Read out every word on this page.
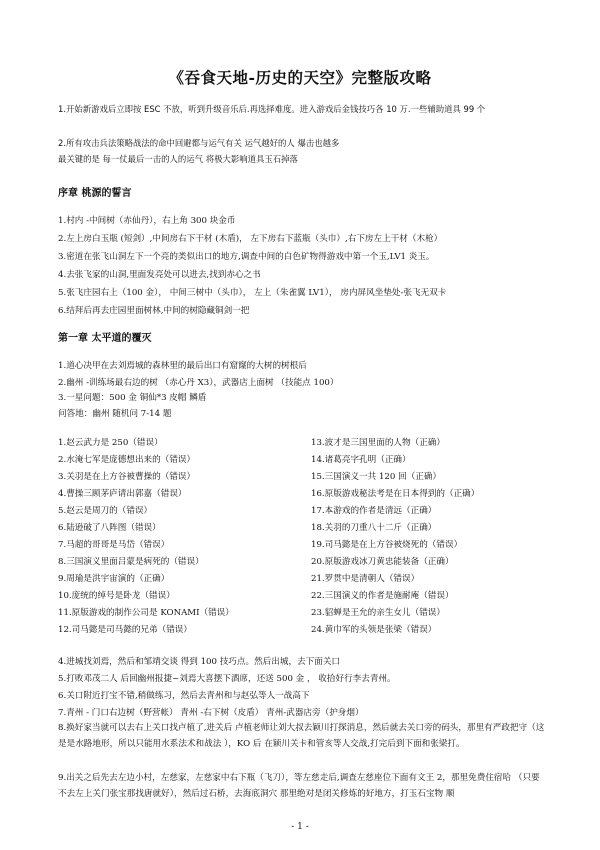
《吞食天地-历史的天空》完整版攻略
1.开始新游戏后立即按 ESC 不放，听到升级音乐后.再选择难度。进入游戏后金钱技巧各 10 万.一些辅助道具 99 个
2.所有攻击兵法策略战法的命中回避都与运气有关 运气越好的人 爆击也越多
最关键的是 每一仗最后一击的人的运气 将极大影响道具玉石掉落
序章 桃源的誓言
1.村内 -中间树（赤仙丹），右上角 300 块金币
2.左上房白玉瓶 (短剑）,中间房右下干材 (木盾)， 左下房右下蓝瓶（头巾）,右下房左上干材（木枪）
3.密道在张飞山洞左下一个亮的类似出口的地方,调查中间的白色矿物得游戏中第一个玉,LV1 炎玉。
4.去张飞家的山洞,里面发亮处可以进去,找到赤心之书
5.张飞庄园右上（100 金）， 中间三树中（头巾）， 左上（朱雀翼 LV1）， 房内屏风坐垫处-张飞无双卡
6.结拜后再去庄园里面树林,中间的树隐藏铜剑一把
第一章 太平道的覆灭
1.道心决甲在去刘焉城的森林里的最后出口有窟窿的大树的树根后
2.幽州 -训练场最右边的树 （赤心丹 X3），武器店上面树 （技能点 100）
3.一星问题：500 金 铜仙*3 皮帽 鳞盾
问答地：幽州 随机问 7-14 题
1.赵云武力是 250（错误）
2.水淹七军是庞德想出来的（错误）
3.关羽是在上方谷被曹操的（错误）
4.曹操三顾茅庐请出郭嘉（错误）
5.赵云是周刀的（错误）
6.陆逊破了八阵图（错误）
7.马超的哥哥是马岱（错误）
8.三国演义里面吕蒙是病死的（错误）
9.周瑜是洪宇宙演的（正确）
10.庞统的绰号是卧龙（错误）
11.原版游戏的制作公司是 KONAMI（错误）
12.司马懿是司马懿的兄弟（错误）
13.波才是三国里面的人物（正确）
14.诸葛亮字孔明（正确）
15.三国演义一共 120 回（正确）
16.原版游戏秘法考是在日本得到的（正确）
17.本游戏的作者是清远（正确）
18.关羽的刀重八十二斤（正确）
19.司马懿是在上方谷被烧死的（错误）
20.原版游戏冰刀黄忠能装备（正确）
21.罗贯中是清朝人（错误）
22.三国演义的作者是施耐庵（错误）
23.貂蝉是王允的亲生女儿（错误）
24.黄巾军的头领是张梁（错误）
4.进城找刘焉，然后和邹靖交谈 得到 100 技巧点。然后出城，去下面关口
5.打败邓茂二人 后回幽州报捷~刘焉大喜摆下酒席，还送 500 金 ， 收拾好行李去青州。
6.关口附近打宝不错,稍做练习，然后去青州和与赵弘等人一战高下
7.青州 - 门口右边树（野营帐） 青州 -右下树（皮盾） 青州-武器店旁（护身烟）
8.换好家当就可以去右上关口找卢植了,进关后 卢植老师让刘大叔去颖川打探消息，然后就去关口旁的码头，那里有严政把守（这是是水路地形，所以只能用水系法术和战法 ），KO 后 在颖川关卡和管亥等人交战,打完后到下面和张梁打。
9.出关之后先去左边小村，左慈家，左慈家中右下瓶（飞刀），等左慈走后,调查左慈座位下面有文王 2，那里免费住宿哈 （只要不去左上关门张宝那找唐就好），然后过石桥，去海底洞穴 那里绝对是闭关修炼的好地方，打玉石宝物 顺
- 1 -
